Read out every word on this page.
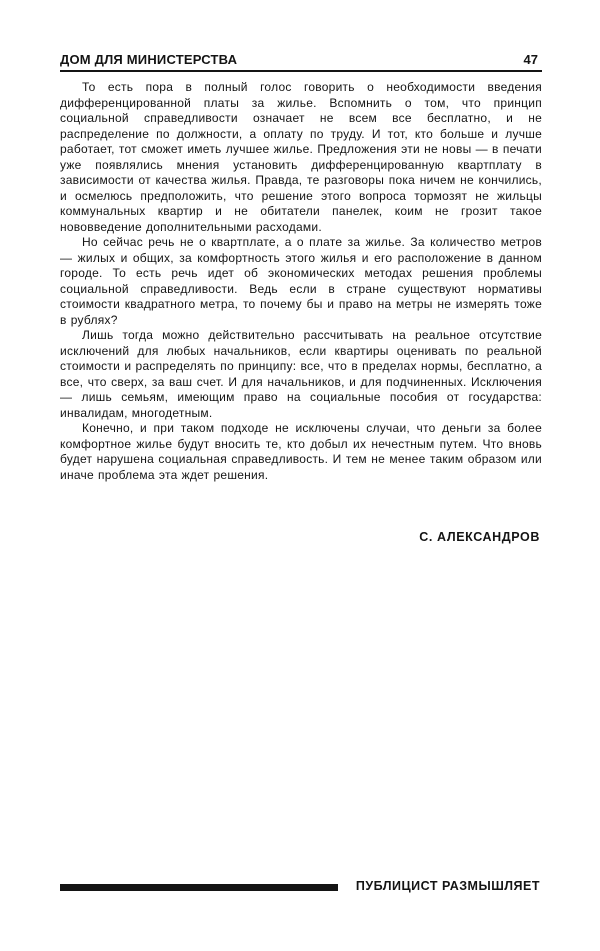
ДОМ ДЛЯ МИНИСТЕРСТВА	47

То есть пора в полный голос говорить о необходимости введения дифференцированной платы за жилье. Вспомнить о том, что принцип социальной справедливости означает не всем все бесплатно, и не распределение по должности, а оплату по труду. И тот, кто больше и лучше работает, тот сможет иметь лучшее жилье. Предложения эти не новы — в печати уже появлялись мнения установить дифференцированную квартплату в зависимости от качества жилья. Правда, те разговоры пока ничем не кончились, и осмелюсь предположить, что решение этого вопроса тормозят не жильцы коммунальных квартир и не обитатели панелек, коим не грозит такое нововведение дополнительными расходами.

Но сейчас речь не о квартплате, а о плате за жилье. За количество метров — жилых и общих, за комфортность этого жилья и его расположение в данном городе. То есть речь идет об экономических методах решения проблемы социальной справедливости. Ведь если в стране существуют нормативы стоимости квадратного метра, то почему бы и право на метры не измерять тоже в рублях?

Лишь тогда можно действительно рассчитывать на реальное отсутствие исключений для любых начальников, если квартиры оценивать по реальной стоимости и распределять по принципу: все, что в пределах нормы, бесплатно, а все, что сверх, за ваш счет. И для начальников, и для подчиненных. Исключения — лишь семьям, имеющим право на социальные пособия от государства: инвалидам, многодетным.

Конечно, и при таком подходе не исключены случаи, что деньги за более комфортное жилье будут вносить те, кто добыл их нечестным путем. Что вновь будет нарушена социальная справедливость. И тем не менее таким образом или иначе проблема эта ждет решения.

С. АЛЕКСАНДРОВ
ПУБЛИЦИСТ РАЗМЫШЛЯЕТ
